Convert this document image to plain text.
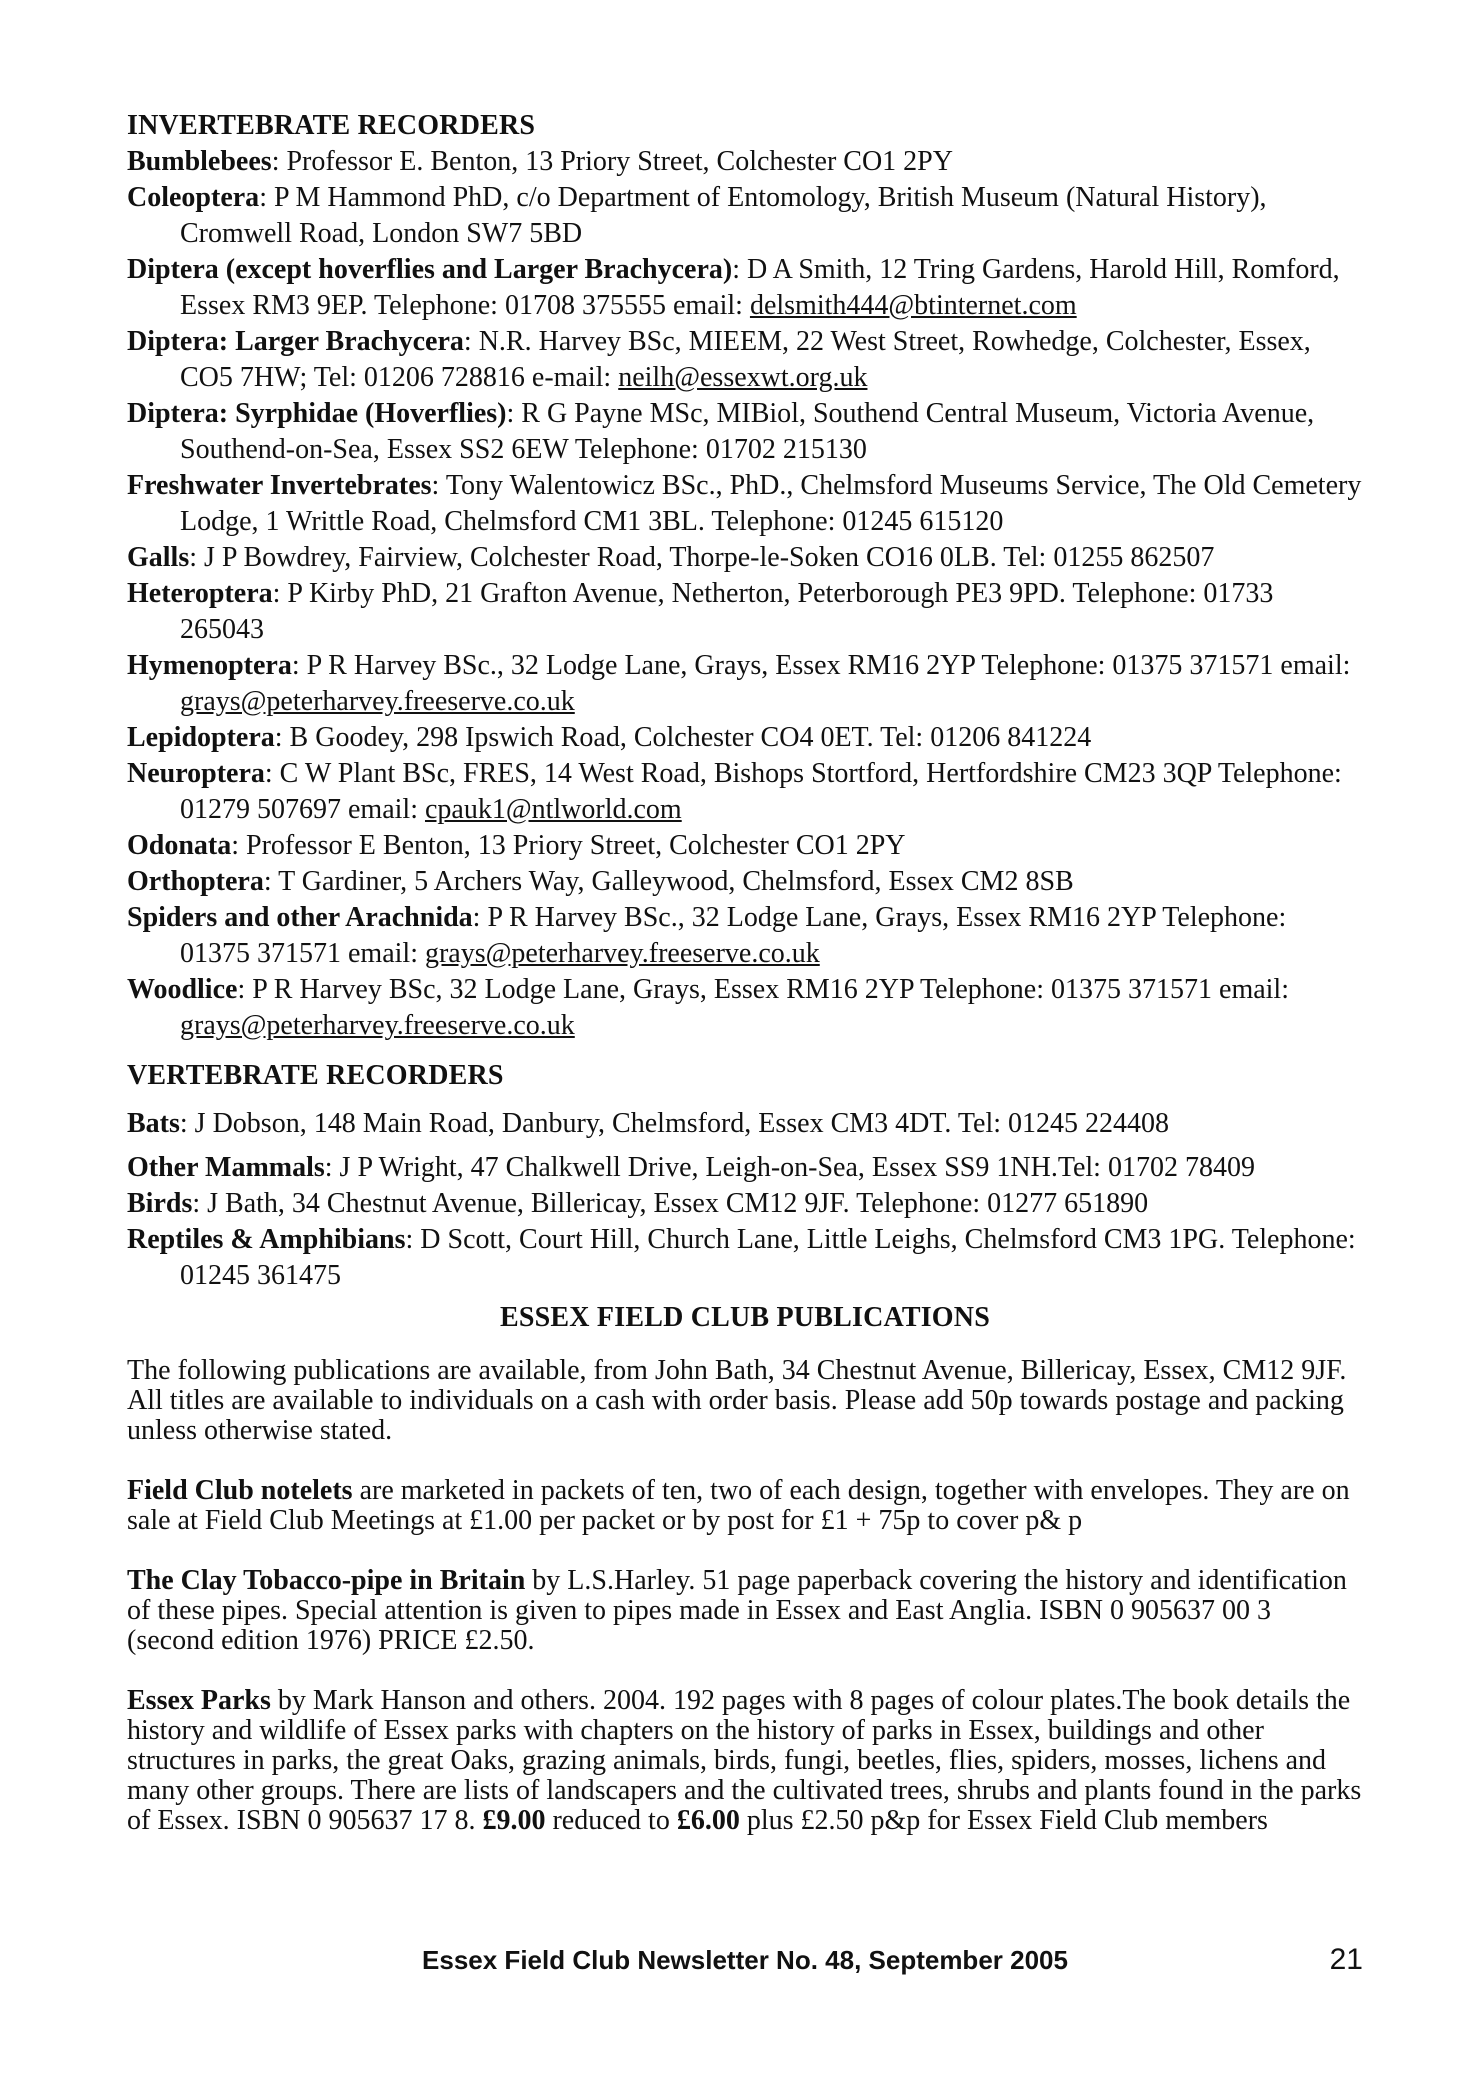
INVERTEBRATE RECORDERS

Bumblebees: Professor E. Benton, 13 Priory Street, Colchester CO1 2PY

Coleoptera: P M Hammond PhD, c/o Department of Entomology, British Museum (Natural History), Cromwell Road, London SW7 5BD

Diptera (except hoverflies and Larger Brachycera): D A Smith, 12 Tring Gardens, Harold Hill, Romford, Essex RM3 9EP. Telephone: 01708 375555 email: delsmith444@btinternet.com

Diptera: Larger Brachycera: N.R. Harvey BSc, MIEEM, 22 West Street, Rowhedge, Colchester, Essex, CO5 7HW; Tel: 01206 728816 e-mail: neilh@essexwt.org.uk

Diptera: Syrphidae (Hoverflies): R G Payne MSc, MIBiol, Southend Central Museum, Victoria Avenue, Southend-on-Sea, Essex SS2 6EW Telephone: 01702 215130

Freshwater Invertebrates: Tony Walentowicz BSc., PhD., Chelmsford Museums Service, The Old Cemetery Lodge, 1 Writtle Road, Chelmsford CM1 3BL. Telephone: 01245 615120

Galls: J P Bowdrey, Fairview, Colchester Road, Thorpe-le-Soken CO16 0LB. Tel: 01255 862507

Heteroptera: P Kirby PhD, 21 Grafton Avenue, Netherton, Peterborough PE3 9PD. Telephone: 01733 265043

Hymenoptera: P R Harvey BSc., 32 Lodge Lane, Grays, Essex RM16 2YP Telephone: 01375 371571 email: grays@peterharvey.freeserve.co.uk

Lepidoptera: B Goodey, 298 Ipswich Road, Colchester CO4 0ET. Tel: 01206 841224

Neuroptera: C W Plant BSc, FRES, 14 West Road, Bishops Stortford, Hertfordshire CM23 3QP Telephone: 01279 507697 email: cpauk1@ntlworld.com

Odonata: Professor E Benton, 13 Priory Street, Colchester CO1 2PY

Orthoptera: T Gardiner, 5 Archers Way, Galleywood, Chelmsford, Essex CM2 8SB

Spiders and other Arachnida: P R Harvey BSc., 32 Lodge Lane, Grays, Essex RM16 2YP Telephone: 01375 371571 email: grays@peterharvey.freeserve.co.uk

Woodlice: P R Harvey BSc, 32 Lodge Lane, Grays, Essex RM16 2YP Telephone: 01375 371571 email: grays@peterharvey.freeserve.co.uk

VERTEBRATE RECORDERS

Bats: J Dobson, 148 Main Road, Danbury, Chelmsford, Essex CM3 4DT. Tel: 01245 224408

Other Mammals: J P Wright, 47 Chalkwell Drive, Leigh-on-Sea, Essex SS9 1NH.Tel: 01702 78409

Birds: J Bath, 34 Chestnut Avenue, Billericay, Essex CM12 9JF. Telephone: 01277 651890

Reptiles & Amphibians: D Scott, Court Hill, Church Lane, Little Leighs, Chelmsford CM3 1PG. Telephone: 01245 361475

ESSEX FIELD CLUB PUBLICATIONS

The following publications are available, from John Bath, 34 Chestnut Avenue, Billericay, Essex, CM12 9JF. All titles are available to individuals on a cash with order basis. Please add 50p towards postage and packing unless otherwise stated.

Field Club notelets are marketed in packets of ten, two of each design, together with envelopes. They are on sale at Field Club Meetings at £1.00 per packet or by post for £1 + 75p to cover p& p

The Clay Tobacco-pipe in Britain by L.S.Harley. 51 page paperback covering the history and identification of these pipes. Special attention is given to pipes made in Essex and East Anglia. ISBN 0 905637 00 3 (second edition 1976) PRICE £2.50.

Essex Parks by Mark Hanson and others. 2004. 192 pages with 8 pages of colour plates.The book details the history and wildlife of Essex parks with chapters on the history of parks in Essex, buildings and other structures in parks, the great Oaks, grazing animals, birds, fungi, beetles, flies, spiders, mosses, lichens and many other groups. There are lists of landscapers and the cultivated trees, shrubs and plants found in the parks of Essex. ISBN 0 905637 17 8. £9.00 reduced to £6.00 plus £2.50 p&p for Essex Field Club members

Essex Field Club Newsletter No. 48, September 2005	21
